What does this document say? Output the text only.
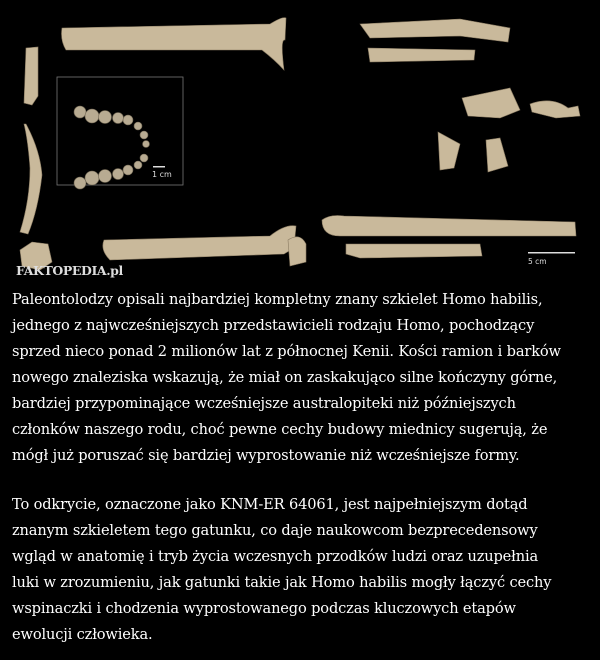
1 cm
5 cm
FAKTOPEDIA.pl
Paleontolodzy opisali najbardziej kompletny znany szkielet Homo habilis,
jednego z najwcześniejszych przedstawicieli rodzaju Homo, pochodzący
sprzed nieco ponad 2 milionów lat z północnej Kenii. Kości ramion i barków
nowego znaleziska wskazują, że miał on zaskakująco silne kończyny górne,
bardziej przypominające wcześniejsze australopiteki niż późniejszych
członków naszego rodu, choć pewne cechy budowy miednicy sugerują, że
mógł już poruszać się bardziej wyprostowanie niż wcześniejsze formy.
To odkrycie, oznaczone jako KNM-ER 64061, jest najpełniejszym dotąd
znanym szkieletem tego gatunku, co daje naukowcom bezprecedensowy
wgląd w anatomię i tryb życia wczesnych przodków ludzi oraz uzupełnia
luki w zrozumieniu, jak gatunki takie jak Homo habilis mogły łączyć cechy
wspinaczki i chodzenia wyprostowanego podczas kluczowych etapów
ewolucji człowieka.
